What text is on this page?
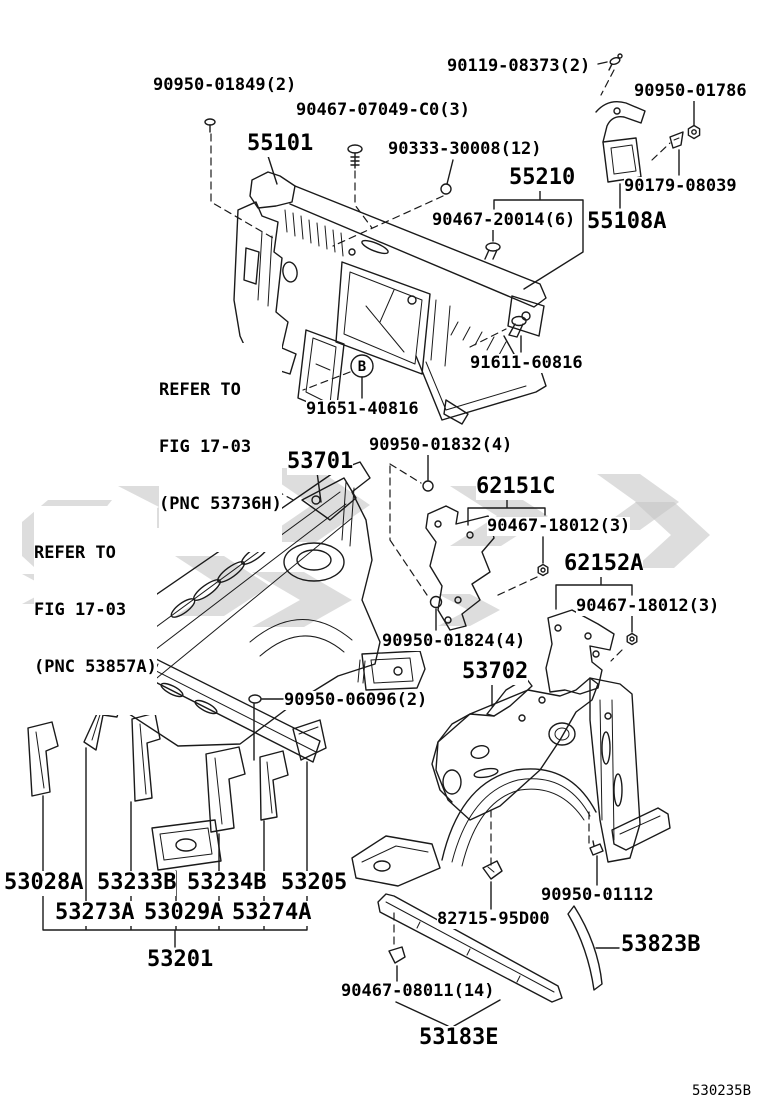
B
55101
55210
55108A
53701
62151C
62152A
53702
53028A 53233B 53234B 53205
53273A 53029A 53274A
53201
53823B
53183E
90950-01849(2)
90119-08373(2)
90467-07049-C0(3)
90950-01786
90333-30008(12)
90179-08039
90467-20014(6)
91611-60816
91651-40816
90950-01832(4)
90467-18012(3)
90467-18012(3)
90950-01824(4)
90950-06096(2)
90950-01112
82715-95D00
90467-08011(14)

REFER TO

FIG 17-03

(PNC 53736H)

REFER TO

FIG 17-03

(PNC 53857A)

530235B
